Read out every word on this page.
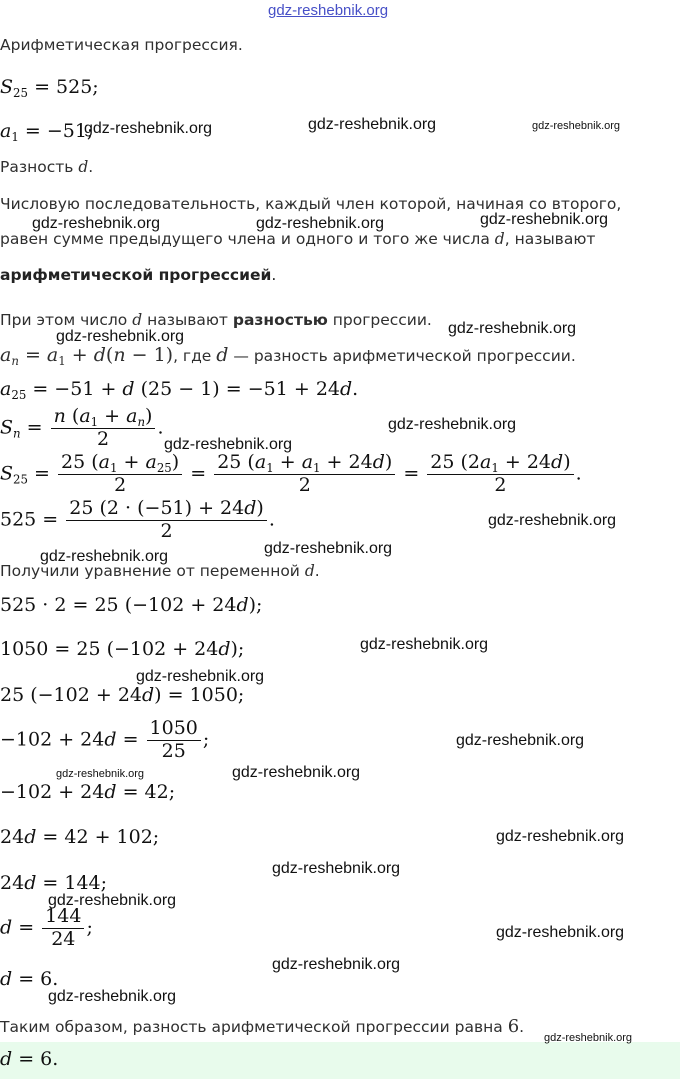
gdz-reshebnik.org
Арифметическая прогрессия.
$S_{25} = 525$;
$a_1 = -51$;
Разность d.
Числовую последовательность, каждый член которой, начиная со второго,
равен сумме предыдущего члена и одного и того же числа d, называют
арифметической прогрессией.
При этом число d называют разностью прогрессии.
$a_n = a_1 + d(n - 1)$, где d — разность арифметической прогрессии.
$a_{25} = -51 + d$ (25 − 1) = −51 + 24d.
$S_n = \frac{n (a_1 + a_n)}{2}$ .
$S_{25} = \frac{25 (a_1 + a_{25})}{2} = \frac{25 (a_1 + a_1 + 24d)}{2} = \frac{25 (2a_1 + 24d)}{2}$ .
$525 = \frac{25 (2 \cdot (-51) + 24d)}{2}$ .
Получили уравнение от переменной d.
525 · 2 = 25 (−102 + 24d);
1050 = 25 (−102 + 24d);
25 (−102 + 24d) = 1050;
$-102 + 24d = \frac{1050}{25}$ ;
−102 + 24d = 42;
24d = 42 + 102;
24d = 144;
$d = \frac{144}{24}$ ;
d = 6.
Таким образом, разность арифметической прогрессии равна 6.
d = 6.
gdz-reshebnik.org	gdz-reshebnik.org	gdz-reshebnik.org
gdz-reshebnik.org	gdz-reshebnik.org	gdz-reshebnik.org
gdz-reshebnik.org	gdz-reshebnik.org
gdz-reshebnik.org
gdz-reshebnik.org
gdz-reshebnik.org
gdz-reshebnik.org
gdz-reshebnik.org
gdz-reshebnik.org
gdz-reshebnik.org
gdz-reshebnik.org
gdz-reshebnik.org	gdz-reshebnik.org
gdz-reshebnik.org
gdz-reshebnik.org
gdz-reshebnik.org
gdz-reshebnik.org
gdz-reshebnik.org
gdz-reshebnik.org
gdz-reshebnik.org
